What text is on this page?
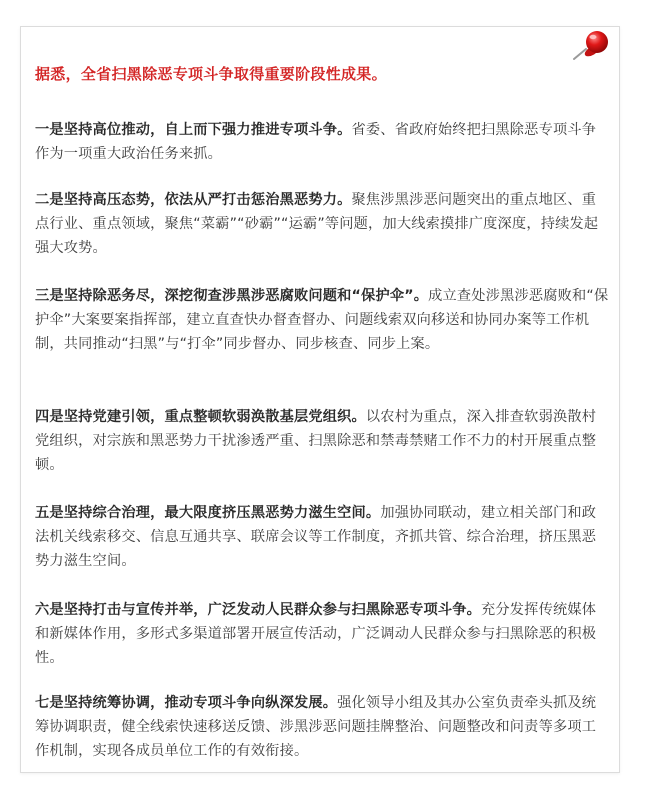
据悉，全省扫黑除恶专项斗争取得重要阶段性成果。

一是坚持高位推动，自上而下强力推进专项斗争。省委、省政府始终把扫黑除恶专项斗争作为一项重大政治任务来抓。

二是坚持高压态势，依法从严打击惩治黑恶势力。聚焦涉黑涉恶问题突出的重点地区、重点行业、重点领域，聚焦“菜霸”“砂霸”“运霸”等问题，加大线索摸排广度深度，持续发起强大攻势。

三是坚持除恶务尽，深挖彻查涉黑涉恶腐败问题和“保护伞”。成立查处涉黑涉恶腐败和“保护伞”大案要案指挥部，建立直查快办督查督办、问题线索双向移送和协同办案等工作机制，共同推动“扫黑”与“打伞”同步督办、同步核查、同步上案。

四是坚持党建引领，重点整顿软弱涣散基层党组织。以农村为重点，深入排查软弱涣散村党组织，对宗族和黑恶势力干扰渗透严重、扫黑除恶和禁毒禁赌工作不力的村开展重点整顿。

五是坚持综合治理，最大限度挤压黑恶势力滋生空间。加强协同联动，建立相关部门和政法机关线索移交、信息互通共享、联席会议等工作制度，齐抓共管、综合治理，挤压黑恶势力滋生空间。

六是坚持打击与宣传并举，广泛发动人民群众参与扫黑除恶专项斗争。充分发挥传统媒体和新媒体作用，多形式多渠道部署开展宣传活动，广泛调动人民群众参与扫黑除恶的积极性。

七是坚持统筹协调，推动专项斗争向纵深发展。强化领导小组及其办公室负责牵头抓及统筹协调职责，健全线索快速移送反馈、涉黑涉恶问题挂牌整治、问题整改和问责等多项工作机制，实现各成员单位工作的有效衔接。
